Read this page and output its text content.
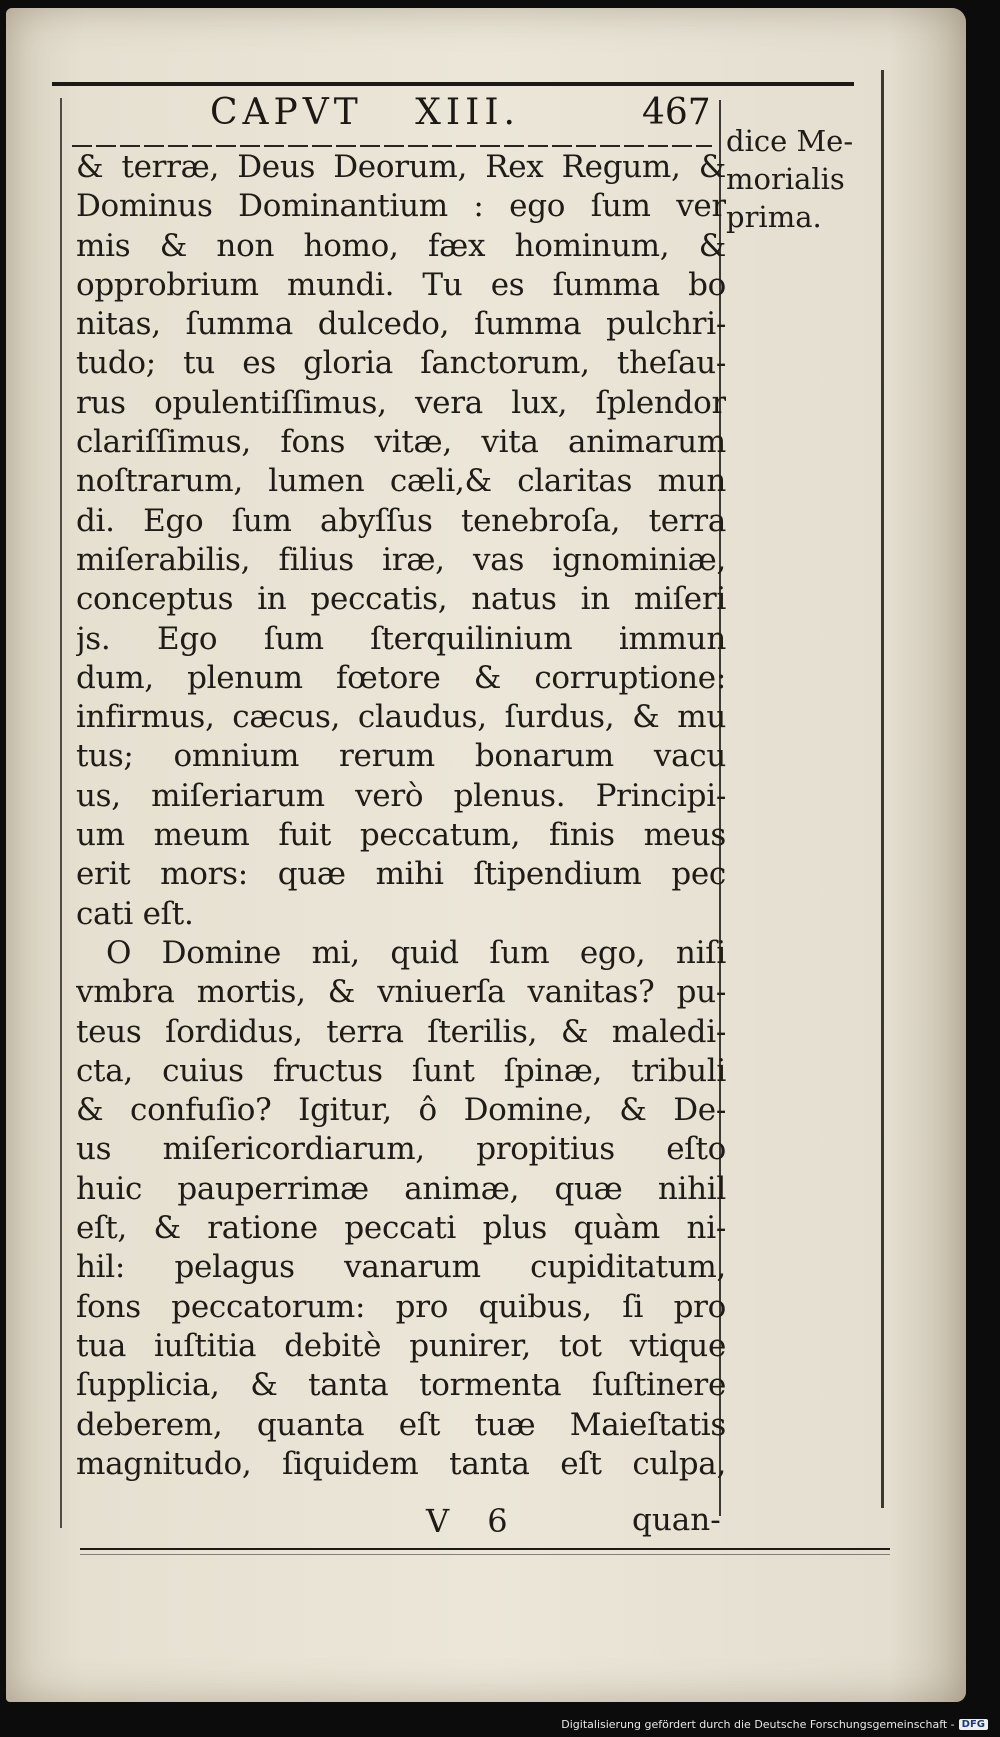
CAPVT XIII.	467
dice Me-
morialis
prima.
& terræ, Deus Deorum, Rex Regum, &
Dominus Dominantium : ego ſum ver
mis & non homo, fæx hominum, &
opprobrium mundi. Tu es ſumma bo
nitas, ſumma dulcedo, ſumma pulchri-
tudo; tu es gloria ſanctorum, theſau-
rus opulentiſſimus, vera lux, ſplendor
clariſſimus, fons vitæ, vita animarum
noſtrarum, lumen cæli,& claritas mun
di. Ego ſum abyſſus tenebroſa, terra
miſerabilis, filius iræ, vas ignominiæ,
conceptus in peccatis, natus in miſeri
js. Ego ſum ſterquilinium immun
dum, plenum fœtore & corruptione:
infirmus, cæcus, claudus, ſurdus, & mu
tus; omnium rerum bonarum vacu
us, miſeriarum verò plenus. Principi-
um meum fuit peccatum, finis meus
erit mors: quæ mihi ſtipendium pec
cati eſt.
O Domine mi, quid ſum ego, niſi
vmbra mortis, & vniuerſa vanitas? pu-
teus ſordidus, terra ſterilis, & maledi-
cta, cuius fructus ſunt ſpinæ, tribuli
& confuſio? Igitur, ô Domine, & De-
us miſericordiarum, propitius eſto
huic pauperrimæ animæ, quæ nihil
eſt, & ratione peccati plus quàm ni-
hil: pelagus vanarum cupiditatum,
fons peccatorum: pro quibus, ſi pro
tua iuſtitia debitè punirer, tot vtique
ſupplicia, & tanta tormenta ſuſtinere
deberem, quanta eſt tuæ Maieſtatis
magnitudo, ſiquidem tanta eſt culpa,
V 6	quan-
Digitalisierung gefördert durch die Deutsche Forschungsgemeinschaft - DFG
